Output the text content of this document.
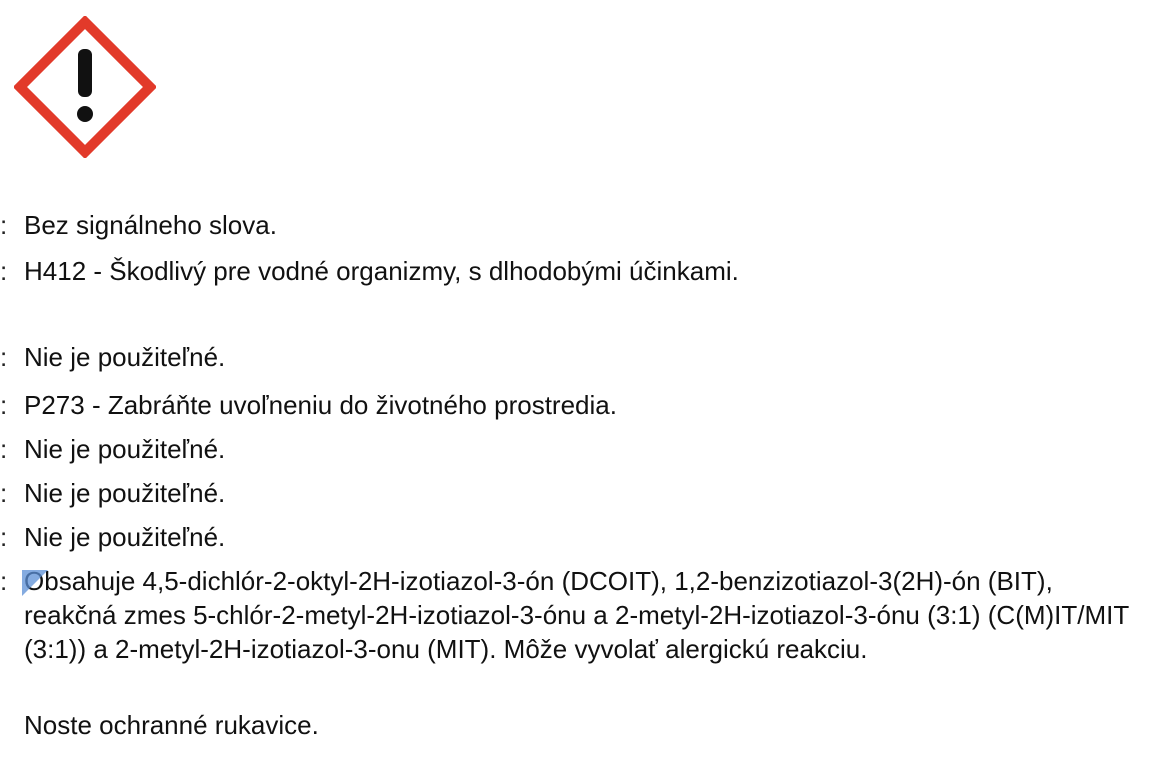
: Bez signálneho slova.
: H412 - Škodlivý pre vodné organizmy, s dlhodobými účinkami.
: Nie je použiteľné.
: P273 - Zabráňte uvoľneniu do životného prostredia.
: Nie je použiteľné.
: Nie je použiteľné.
: Nie je použiteľné.
: Obsahuje 4,5-dichlór-2-oktyl-2H-izotiazol-3-ón (DCOIT), 1,2-benzizotiazol-3(2H)-ón (BIT), reakčná zmes 5-chlór-2-metyl-2H-izotiazol-3-ónu a 2-metyl-2H-izotiazol-3-ónu (3:1) (C(M)IT/MIT (3:1)) a 2-metyl-2H-izotiazol-3-onu (MIT). Môže vyvolať alergickú reakciu.
Noste ochranné rukavice.
